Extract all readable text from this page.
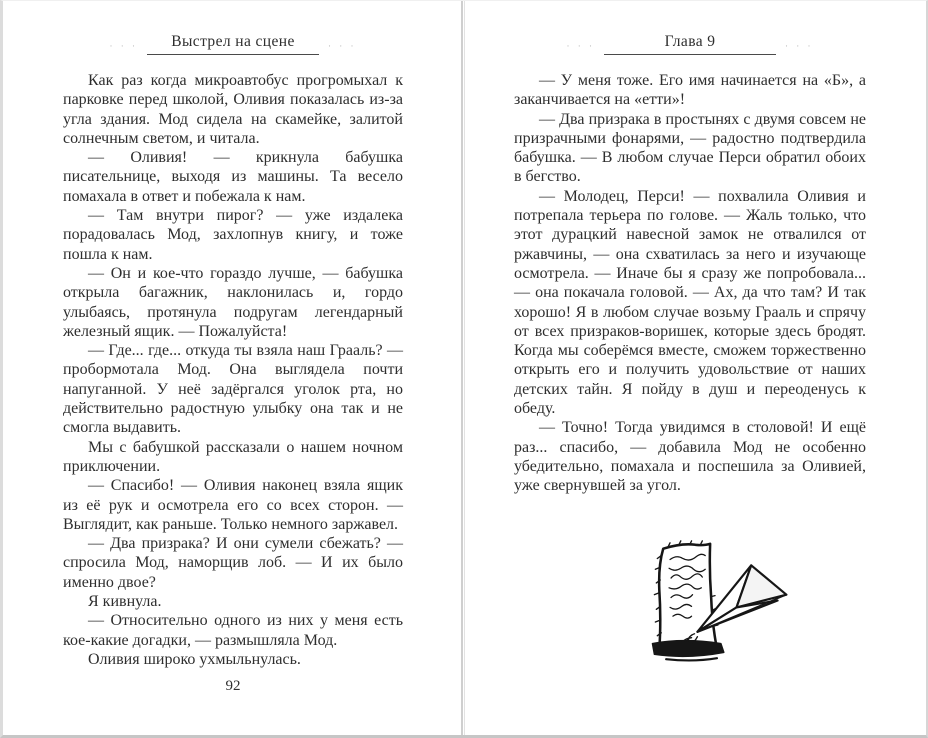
· · ·	Выстрел на сцене	· · ·

Как раз когда микроавтобус прогромыхал к парковке перед школой, Оливия показалась из-за угла здания. Мод сидела на скамейке, залитой солнечным светом, и читала.

— Оливия! — крикнула бабушка писательнице, выходя из машины. Та весело помахала в ответ и побежала к нам.

— Там внутри пирог? — уже издалека порадовалась Мод, захлопнув книгу, и тоже пошла к нам.

— Он и кое-что гораздо лучше, — бабушка открыла багажник, наклонилась и, гордо улыбаясь, протянула подругам легендарный железный ящик. — Пожалуйста!

— Где... где... откуда ты взяла наш Грааль? — пробормотала Мод. Она выглядела почти напуганной. У неё задёргался уголок рта, но действительно радостную улыбку она так и не смогла выдавить.

Мы с бабушкой рассказали о нашем ночном приключении.

— Спасибо! — Оливия наконец взяла ящик из её рук и осмотрела его со всех сторон. — Выглядит, как раньше. Только немного заржавел.

— Два призрака? И они сумели сбежать? — спросила Мод, наморщив лоб. — И их было именно двое?

Я кивнула.

— Относительно одного из них у меня есть кое-какие догадки, — размышляла Мод.

Оливия широко ухмыльнулась.

92
· · ·	Глава 9	· · ·

— У меня тоже. Его имя начинается на «Б», а заканчивается на «етти»!

— Два призрака в простынях с двумя совсем не призрачными фонарями, — радостно подтвердила бабушка. — В любом случае Перси обратил обоих в бегство.

— Молодец, Перси! — похвалила Оливия и потрепала терьера по голове. — Жаль только, что этот дурацкий навесной замок не отвалился от ржавчины, — она схватилась за него и изучающе осмотрела. — Иначе бы я сразу же попробовала... — она покачала головой. — Ах, да что там? И так хорошо! Я в любом случае возьму Грааль и спрячу от всех призраков-воришек, которые здесь бродят. Когда мы соберёмся вместе, сможем торжественно открыть его и получить удовольствие от наших детских тайн. Я пойду в душ и переоденусь к обеду.

— Точно! Тогда увидимся в столовой! И ещё раз... спасибо, — добавила Мод не особенно убедительно, помахала и поспешила за Оливией, уже свернувшей за угол.
